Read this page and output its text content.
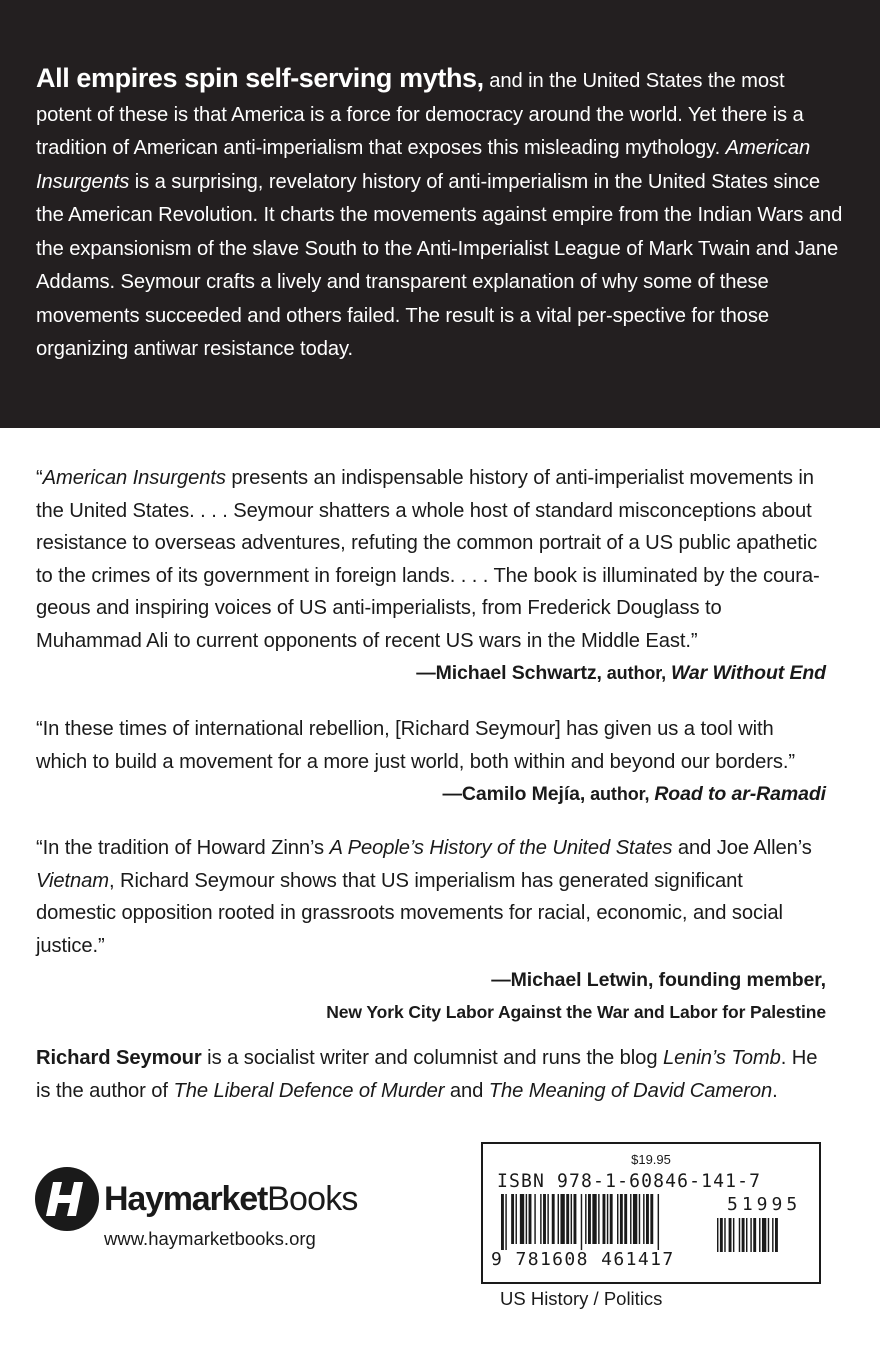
All empires spin self-serving myths, and in the United States the most potent of these is that America is a force for democracy around the world. Yet there is a tradition of American anti-imperialism that exposes this misleading mythology. American Insurgents is a surprising, revelatory history of anti-imperialism in the United States since the American Revolution. It charts the movements against empire from the Indian Wars and the expansionism of the slave South to the Anti-Imperialist League of Mark Twain and Jane Addams. Seymour crafts a lively and transparent explanation of why some of these movements succeeded and others failed. The result is a vital per-spective for those organizing antiwar resistance today.

“American Insurgents presents an indispensable history of anti-imperialist movements in the United States. . . . Seymour shatters a whole host of standard misconceptions about resistance to overseas adventures, refuting the common portrait of a US public apathetic to the crimes of its government in foreign lands. . . . The book is illuminated by the coura-geous and inspiring voices of US anti-imperialists, from Frederick Douglass to Muhammad Ali to current opponents of recent US wars in the Middle East.”

—Michael Schwartz, author, War Without End

“In these times of international rebellion, [Richard Seymour] has given us a tool with which to build a movement for a more just world, both within and beyond our borders.”

—Camilo Mejía, author, Road to ar-Ramadi

“In the tradition of Howard Zinn’s A People’s History of the United States and Joe Allen’s Vietnam, Richard Seymour shows that US imperialism has generated significant domestic opposition rooted in grassroots movements for racial, economic, and social justice.”

—Michael Letwin, founding member,

New York City Labor Against the War and Labor for Palestine

Richard Seymour is a socialist writer and columnist and runs the blog Lenin’s Tomb. He is the author of The Liberal Defence of Murder and The Meaning of David Cameron.

HaymarketBooks
www.haymarketbooks.org
$19.95
ISBN 978-1-60846-141-7
51995
9 781608 461417
US History / Politics
